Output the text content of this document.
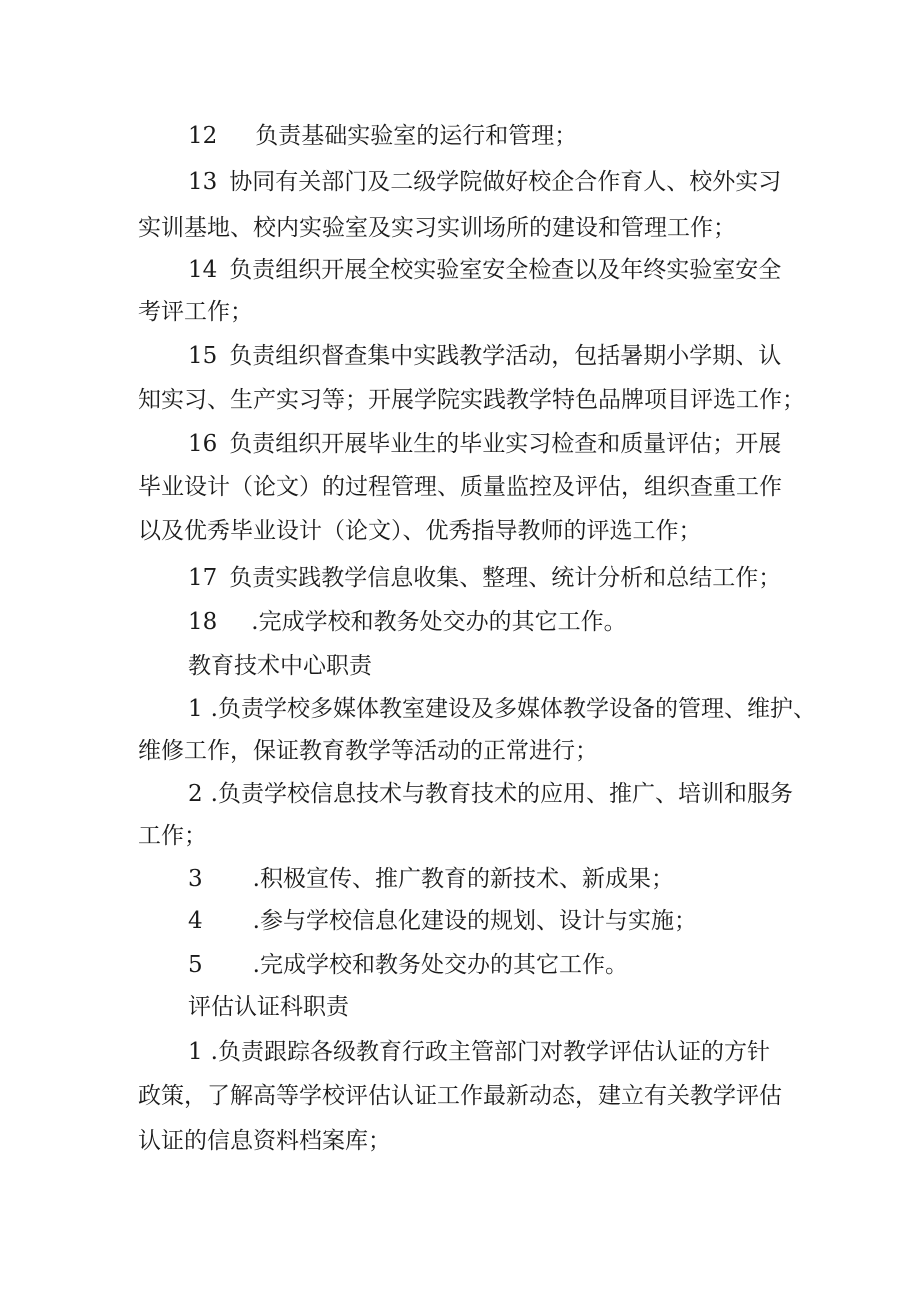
12 负责基础实验室的运行和管理；
13 协同有关部门及二级学院做好校企合作育人、校外实习
实训基地、校内实验室及实习实训场所的建设和管理工作；
14 负责组织开展全校实验室安全检查以及年终实验室安全
考评工作；
15 负责组织督查集中实践教学活动，包括暑期小学期、认
知实习、生产实习等；开展学院实践教学特色品牌项目评选工作；
16 负责组织开展毕业生的毕业实习检查和质量评估；开展
毕业设计（论文）的过程管理、质量监控及评估，组织查重工作
以及优秀毕业设计（论文）、优秀指导教师的评选工作；
17 负责实践教学信息收集、整理、统计分析和总结工作；
18 .完成学校和教务处交办的其它工作。
教育技术中心职责
1 .负责学校多媒体教室建设及多媒体教学设备的管理、维护、
维修工作，保证教育教学等活动的正常进行；
2 .负责学校信息技术与教育技术的应用、推广、培训和服务
工作；
3 .积极宣传、推广教育的新技术、新成果；
4 .参与学校信息化建设的规划、设计与实施；
5 .完成学校和教务处交办的其它工作。
评估认证科职责
1 .负责跟踪各级教育行政主管部门对教学评估认证的方针
政策，了解高等学校评估认证工作最新动态，建立有关教学评估
认证的信息资料档案库；
